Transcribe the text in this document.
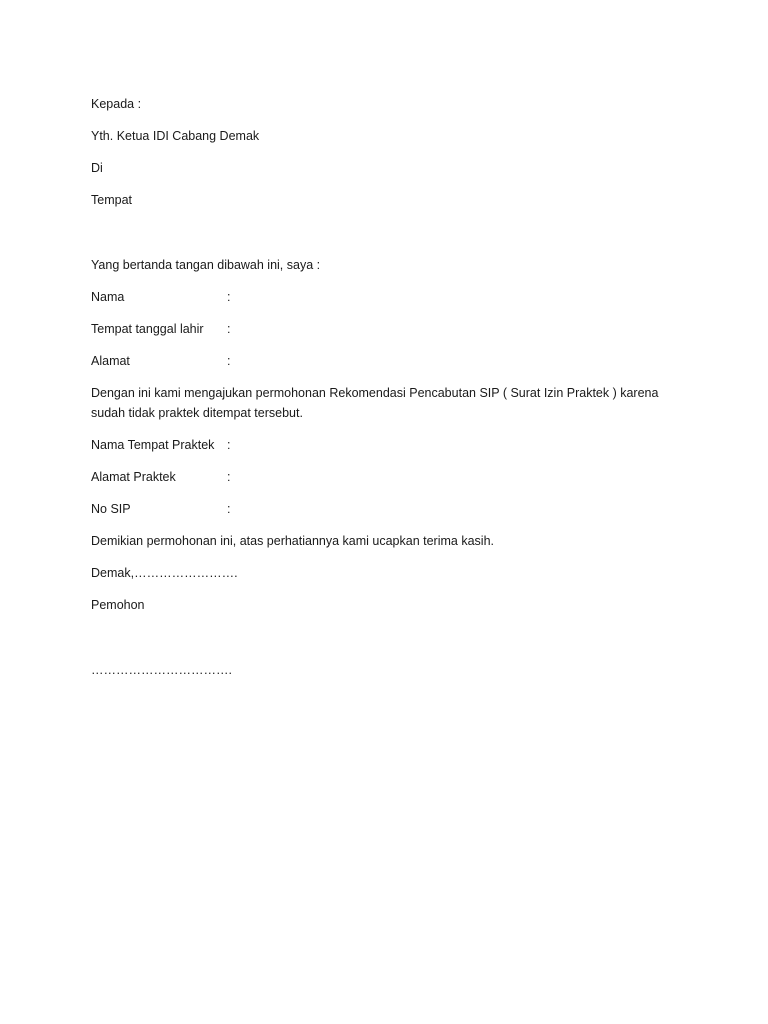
Kepada :

Yth. Ketua IDI Cabang Demak

Di

Tempat

Yang bertanda tangan dibawah ini, saya :

Nama	:
Tempat tanggal lahir	:
Alamat	:

Dengan ini kami mengajukan permohonan Rekomendasi Pencabutan SIP ( Surat Izin Praktek ) karena sudah tidak praktek ditempat tersebut.

Nama Tempat Praktek	:
Alamat Praktek	:
No SIP	:

Demikian permohonan ini, atas perhatiannya kami ucapkan terima kasih.

Demak,…………………….

Pemohon

…………………………….
